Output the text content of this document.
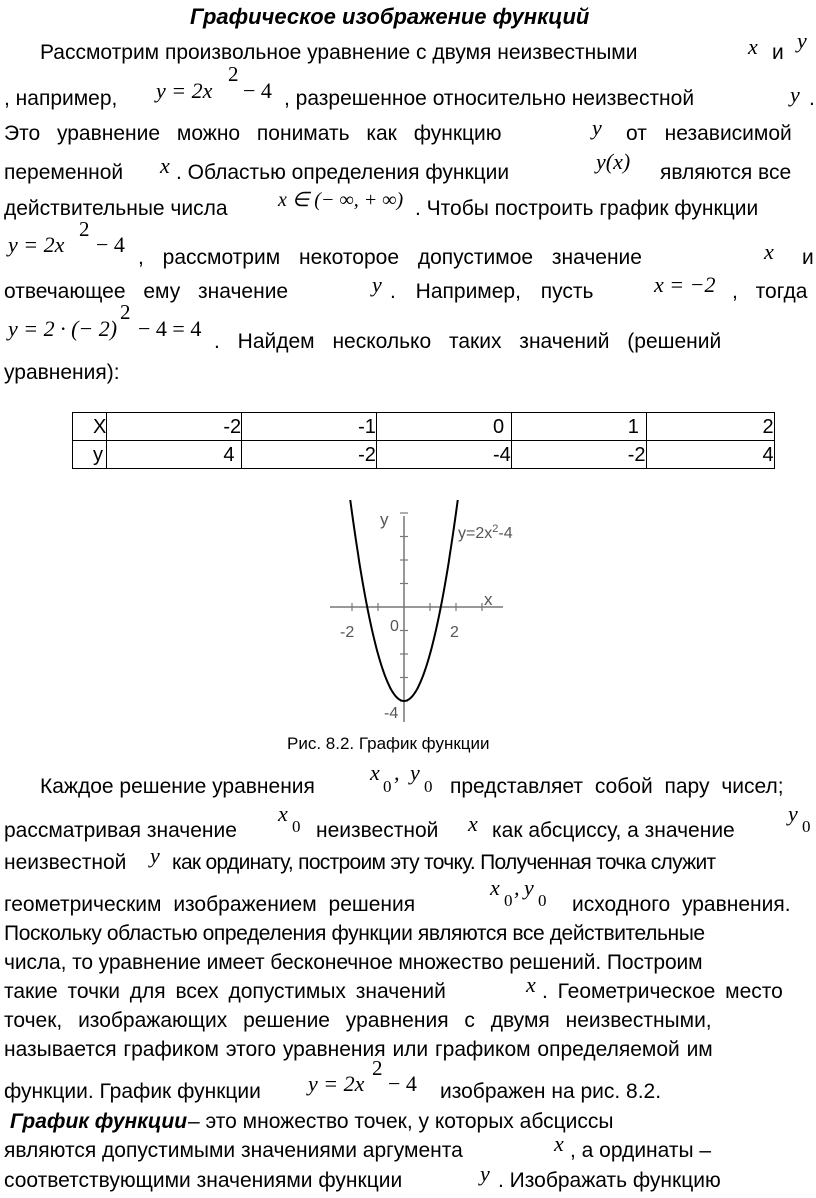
Графическое изображение функций
Рассмотрим произвольное уравнение с двумя неизвестными	x и y
, например, y = 2x
2
− 4 , разрешенное относительно неизвестной	y .
Это уравнение можно понимать как функцию	y от независимой
переменной x . Областью определения функции	y(x) являются все
действительные числа	x ∈ (− ∞, + ∞) . Чтобы построить график функции
y = 2x
2
− 4
, рассмотрим некоторое допустимое значение	x и
отвечающее ему значение	y . Например, пусть	x = −2 , тогда
y = 2 · (− 2)
2
− 4 = 4
. Найдем несколько таких значений (решений
уравнения):
X	-2	-1	0	1	2
y	4	-2	-4	-2	4
y
x
-2 0	2
-4
$y=2x^2-4$
Рис. 8.2. График функции
Каждое решение уравнения
x
0
, y
0 представляет собой пару чисел;
рассматривая значение
x
0 неизвестной x как абсциссу, а значение
y
0
неизвестной y как ординату, построим эту точку. Полученная точка служит
геометрическим изображением решения
x
0
, y
0 исходного уравнения.
Поскольку областью определения функции являются все действительные
числа, то уравнение имеет бесконечное множество решений. Построим
такие точки для всех допустимых значений	x . Геометрическое место
точек, изображающих решение уравнения с двумя неизвестными,
называется графиком этого уравнения или графиком определяемой им
функции. График функции y = 2x
2
− 4 изображен на рис. 8.2.
График функции – это множество точек, у которых абсциссы
являются допустимыми значениями аргумента	x , а ординаты –
соответствующими значениями функции	y . Изображать функцию
